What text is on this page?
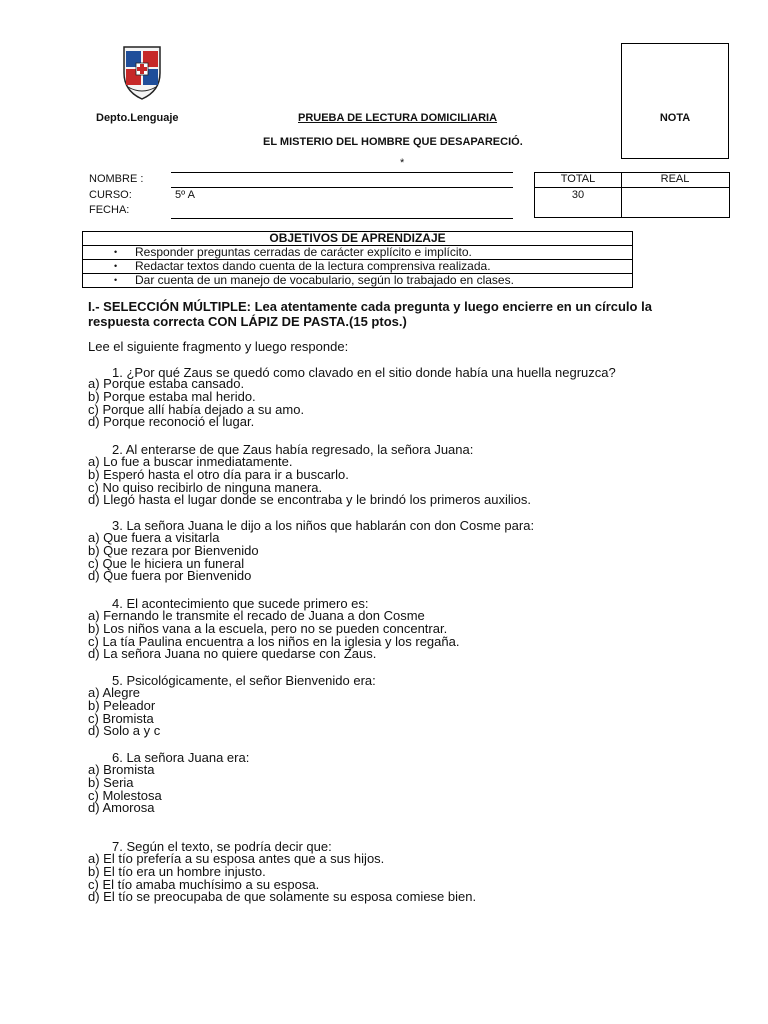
NOTA
Depto.Lenguaje	PRUEBA DE LECTURA DOMICILIARIA
EL MISTERIO DEL HOMBRE QUE DESAPARECIÓ.
*
NOMBRE :
CURSO:	5º A
FECHA:
TOTAL
30
REAL
OBJETIVOS DE APRENDIZAJE
• Responder preguntas cerradas de carácter explícito e implícito.
• Redactar textos dando cuenta de la lectura comprensiva realizada.
• Dar cuenta de un manejo de vocabulario, según lo trabajado en clases.
I.- SELECCIÓN MÚLTIPLE: Lea atentamente cada pregunta y luego encierre en un círculo la
respuesta correcta CON LÁPIZ DE PASTA.(15 ptos.)
Lee el siguiente fragmento y luego responde:
1. ¿Por qué Zaus se quedó como clavado en el sitio donde había una huella negruzca?
a) Porque estaba cansado.
b) Porque estaba mal herido.
c) Porque allí había dejado a su amo.
d) Porque reconoció el lugar.
2. Al enterarse de que Zaus había regresado, la señora Juana:
a) Lo fue a buscar inmediatamente.
b) Esperó hasta el otro día para ir a buscarlo.
c) No quiso recibirlo de ninguna manera.
d) Llegó hasta el lugar donde se encontraba y le brindó los primeros auxilios.
3. La señora Juana le dijo a los niños que hablarán con don Cosme para:
a) Que fuera a visitarla
b) Que rezara por Bienvenido
c) Que le hiciera un funeral
d) Que fuera por Bienvenido
4. El acontecimiento que sucede primero es:
a) Fernando le transmite el recado de Juana a don Cosme
b) Los niños vana a la escuela, pero no se pueden concentrar.
c) La tía Paulina encuentra a los niños en la iglesia y los regaña.
d) La señora Juana no quiere quedarse con Zaus.
5. Psicológicamente, el señor Bienvenido era:
a) Alegre
b) Peleador
c) Bromista
d) Solo a y c
6. La señora Juana era:
a) Bromista
b) Seria
c) Molestosa
d) Amorosa
7. Según el texto, se podría decir que:
a) El tío prefería a su esposa antes que a sus hijos.
b) El tío era un hombre injusto.
c) El tío amaba muchísimo a su esposa.
d) El tío se preocupaba de que solamente su esposa comiese bien.
